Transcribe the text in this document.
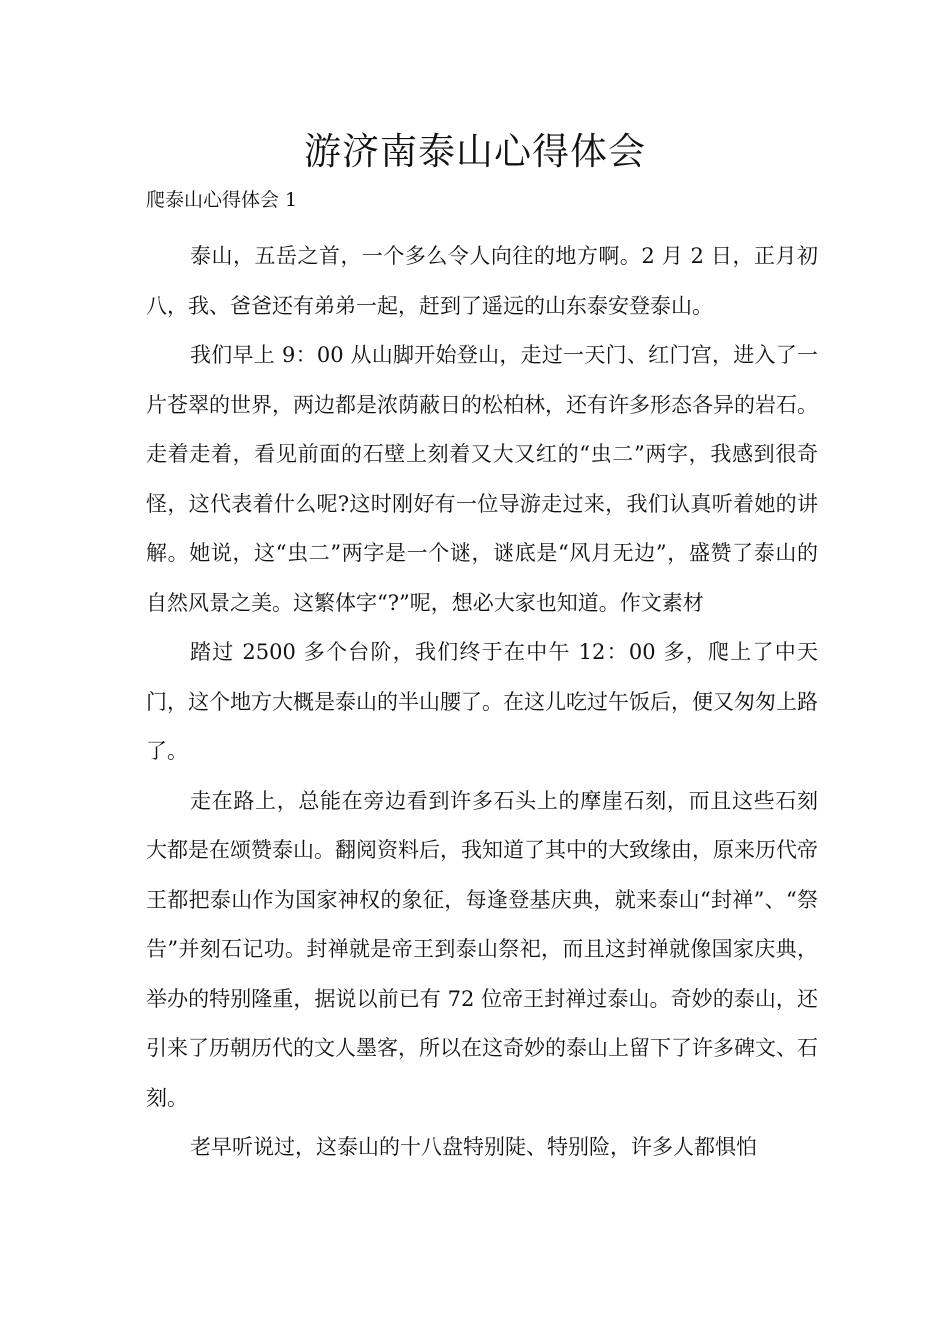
游济南泰山心得体会
爬泰山心得体会 1

泰山，五岳之首，一个多么令人向往的地方啊。2 月 2 日，正月初八，我、爸爸还有弟弟一起，赶到了遥远的山东泰安登泰山。

我们早上 9：00 从山脚开始登山，走过一天门、红门宫，进入了一片苍翠的世界，两边都是浓荫蔽日的松柏林，还有许多形态各异的岩石。走着走着，看见前面的石壁上刻着又大又红的“虫二”两字，我感到很奇怪，这代表着什么呢?这时刚好有一位导游走过来，我们认真听着她的讲解。她说，这“虫二”两字是一个谜，谜底是“风月无边”，盛赞了泰山的自然风景之美。这繁体字“?”呢，想必大家也知道。作文素材

踏过 2500 多个台阶，我们终于在中午 12：00 多，爬上了中天门，这个地方大概是泰山的半山腰了。在这儿吃过午饭后，便又匆匆上路了。

走在路上，总能在旁边看到许多石头上的摩崖石刻，而且这些石刻大都是在颂赞泰山。翻阅资料后，我知道了其中的大致缘由，原来历代帝王都把泰山作为国家神权的象征，每逢登基庆典，就来泰山“封禅”、“祭告”并刻石记功。封禅就是帝王到泰山祭祀，而且这封禅就像国家庆典，举办的特别隆重，据说以前已有 72 位帝王封禅过泰山。奇妙的泰山，还引来了历朝历代的文人墨客，所以在这奇妙的泰山上留下了许多碑文、石刻。

老早听说过，这泰山的十八盘特别陡、特别险，许多人都惧怕
